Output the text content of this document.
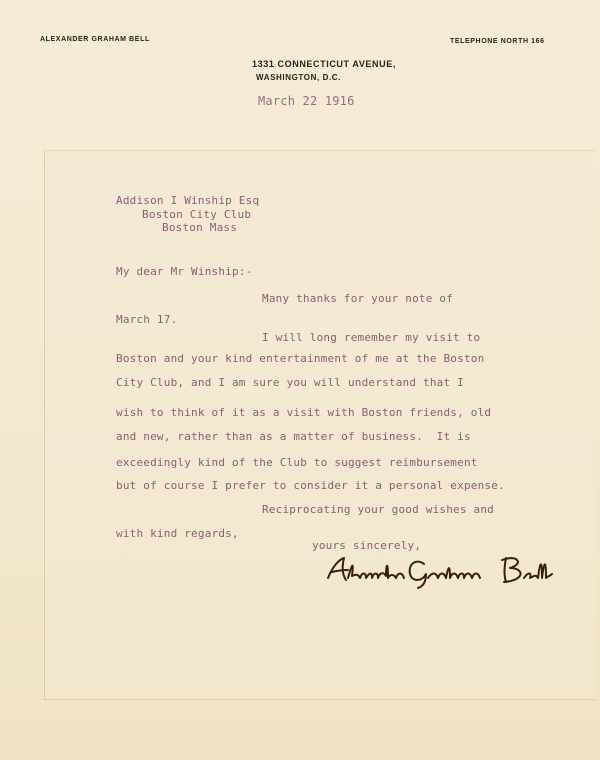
ALEXANDER GRAHAM BELL	TELEPHONE NORTH 166
1331 CONNECTICUT AVENUE,
WASHINGTON, D.C.
March 22 1916
Addison I Winship Esq
Boston City Club
Boston Mass
My dear Mr Winship:-
Many thanks for your note of
March 17.
I will long remember my visit to
Boston and your kind entertainment of me at the Boston
City Club, and I am sure you will understand that I
wish to think of it as a visit with Boston friends, old
and new, rather than as a matter of business.  It is
exceedingly kind of the Club to suggest reimbursement
but of course I prefer to consider it a personal expense.
Reciprocating your good wishes and
with kind regards,
yours sincerely,
